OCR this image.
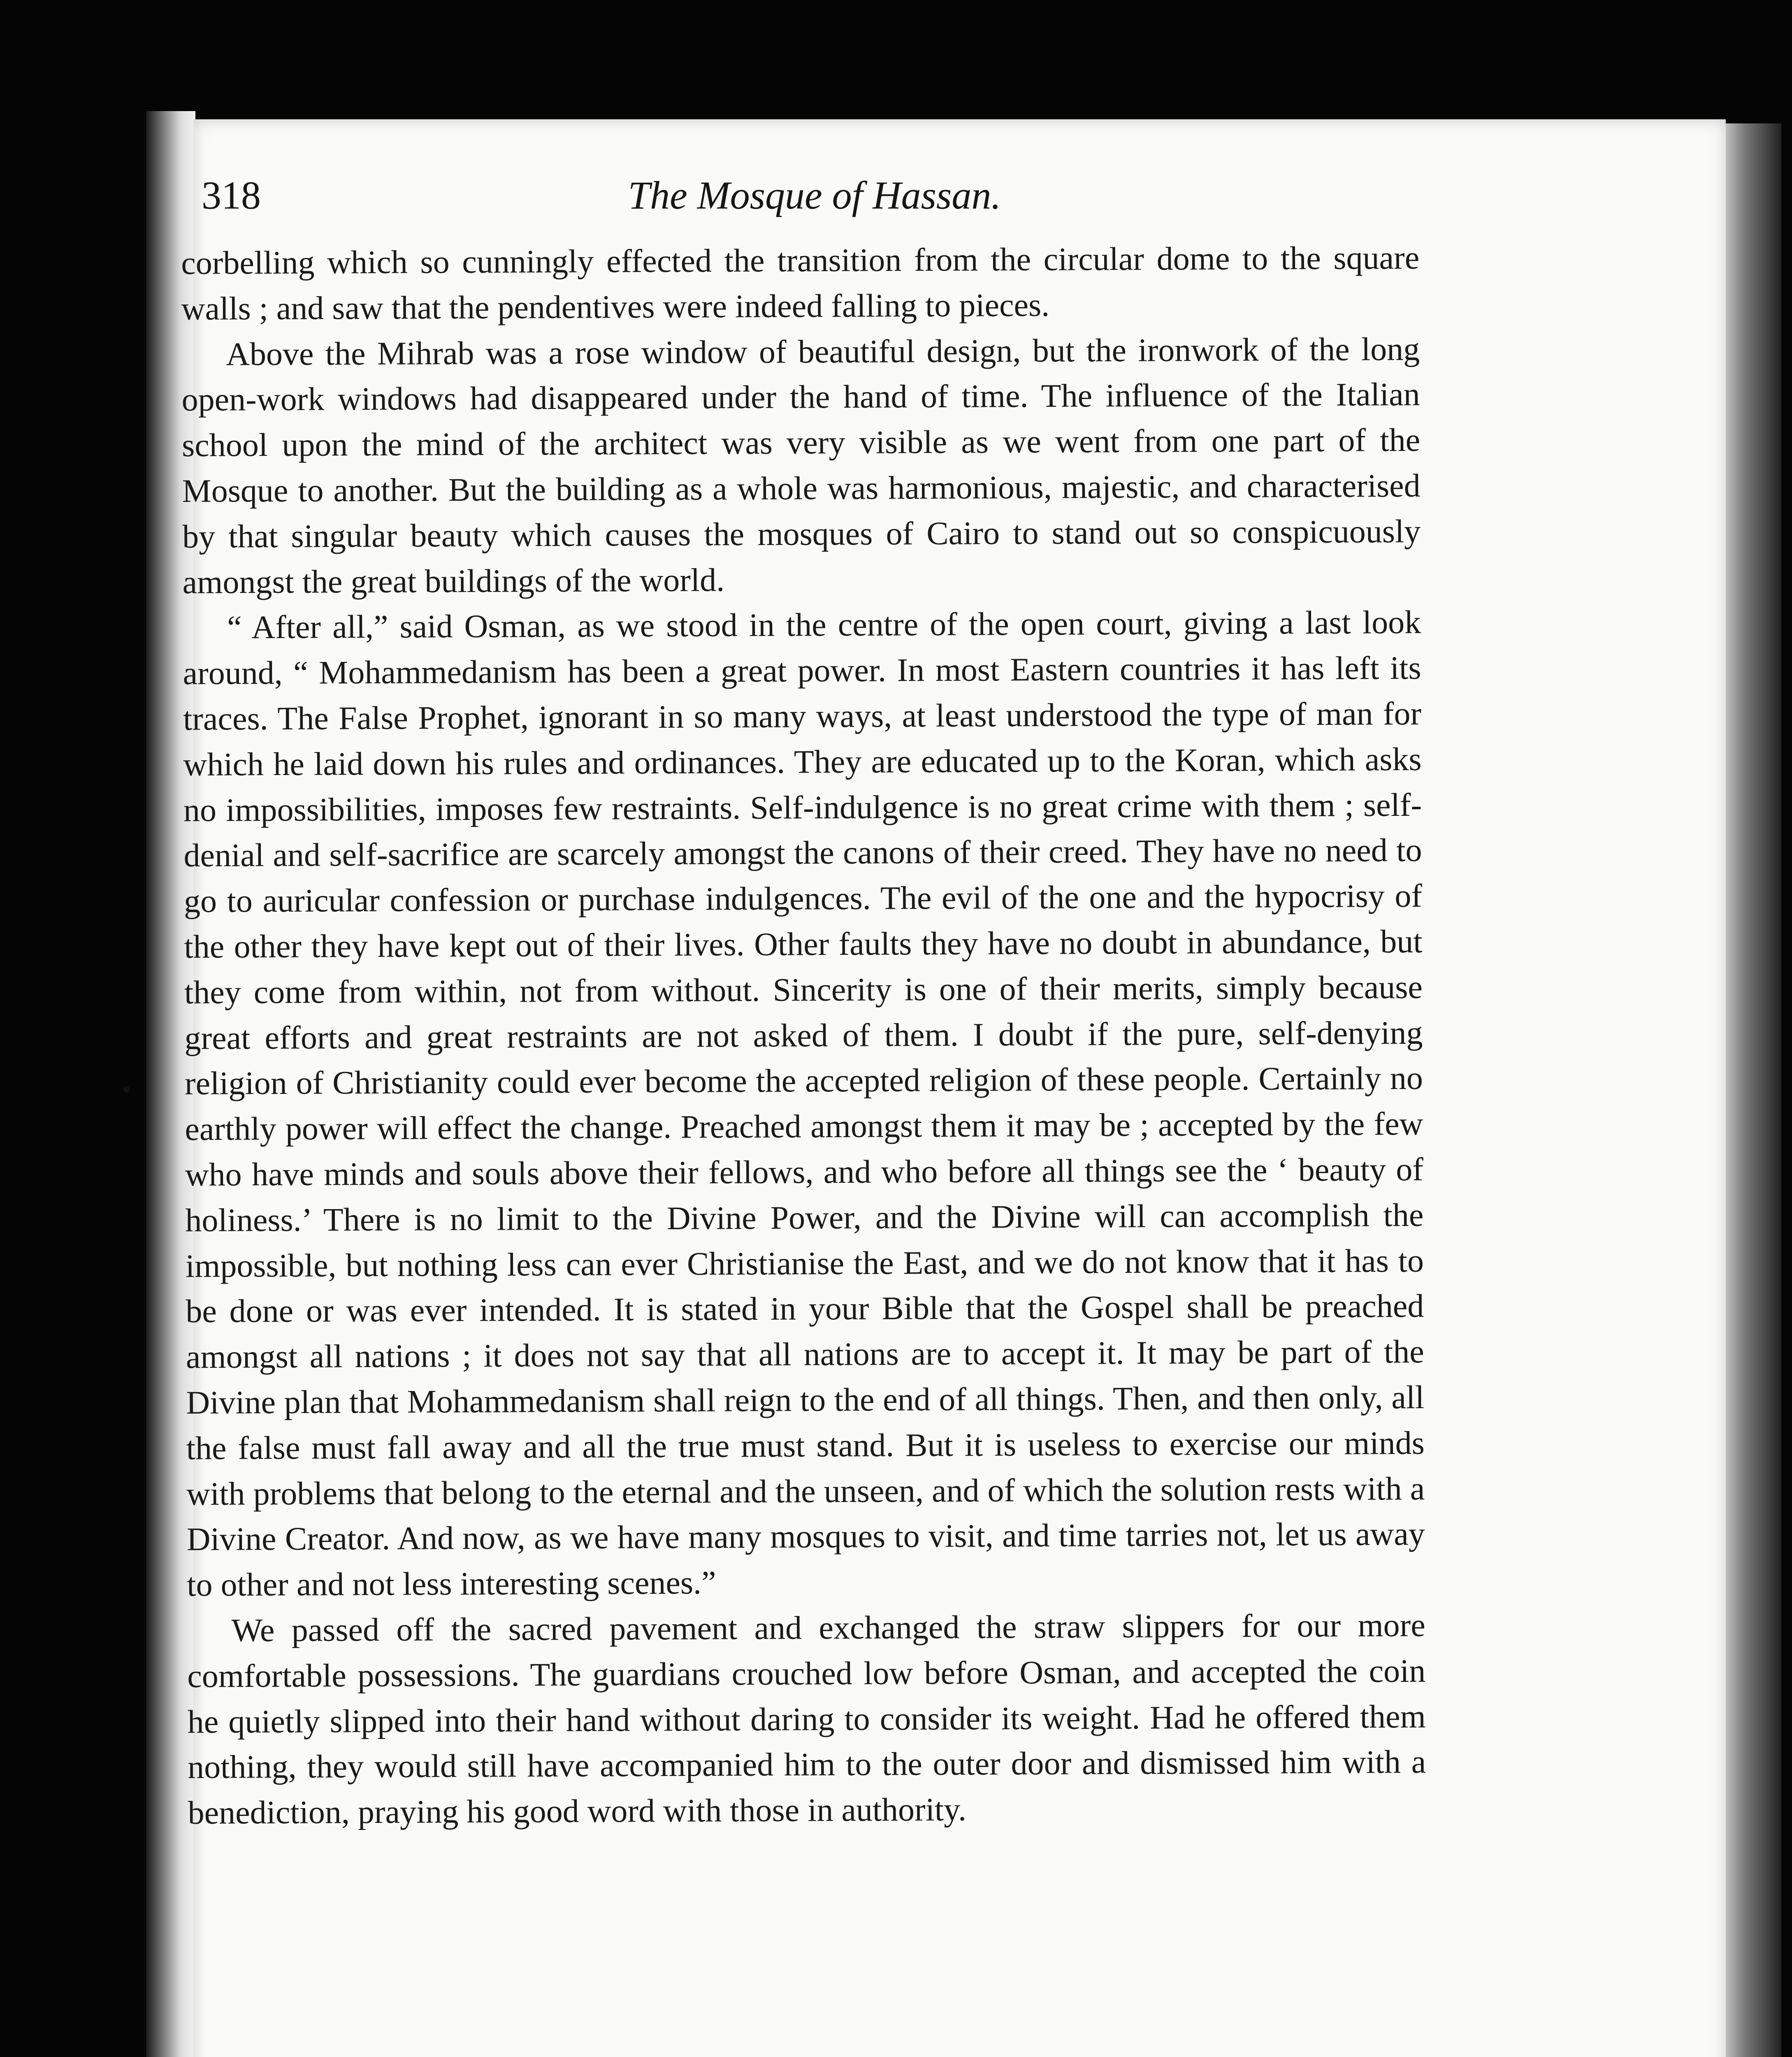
318	The Mosque of Hassan.

corbelling which so cunningly effected the transition from the circular dome to the square walls ; and saw that the pendentives were indeed falling to pieces.

Above the Mihrab was a rose window of beautiful design, but the ironwork of the long open-work windows had disappeared under the hand of time. The influence of the Italian school upon the mind of the architect was very visible as we went from one part of the Mosque to another. But the building as a whole was harmonious, majestic, and characterised by that singular beauty which causes the mosques of Cairo to stand out so conspicuously amongst the great buildings of the world.

“ After all,” said Osman, as we stood in the centre of the open court, giving a last look around, “ Mohammedanism has been a great power. In most Eastern countries it has left its traces. The False Prophet, ignorant in so many ways, at least understood the type of man for which he laid down his rules and ordinances. They are educated up to the Koran, which asks no impossibilities, imposes few restraints. Self-indulgence is no great crime with them ; self-denial and self-sacrifice are scarcely amongst the canons of their creed. They have no need to go to auricular confession or purchase indulgences. The evil of the one and the hypocrisy of the other they have kept out of their lives. Other faults they have no doubt in abundance, but they come from within, not from without. Sincerity is one of their merits, simply because great efforts and great restraints are not asked of them. I doubt if the pure, self-denying religion of Christianity could ever become the accepted religion of these people. Certainly no earthly power will effect the change. Preached amongst them it may be ; accepted by the few who have minds and souls above their fellows, and who before all things see the ‘ beauty of holiness.’ There is no limit to the Divine Power, and the Divine will can accomplish the impossible, but nothing less can ever Christianise the East, and we do not know that it has to be done or was ever intended. It is stated in your Bible that the Gospel shall be preached amongst all nations ; it does not say that all nations are to accept it. It may be part of the Divine plan that Mohammedanism shall reign to the end of all things. Then, and then only, all the false must fall away and all the true must stand. But it is useless to exercise our minds with problems that belong to the eternal and the unseen, and of which the solution rests with a Divine Creator. And now, as we have many mosques to visit, and time tarries not, let us away to other and not less interesting scenes.”

We passed off the sacred pavement and exchanged the straw slippers for our more comfortable possessions. The guardians crouched low before Osman, and accepted the coin he quietly slipped into their hand without daring to consider its weight. Had he offered them nothing, they would still have accompanied him to the outer door and dismissed him with a benediction, praying his good word with those in authority.
